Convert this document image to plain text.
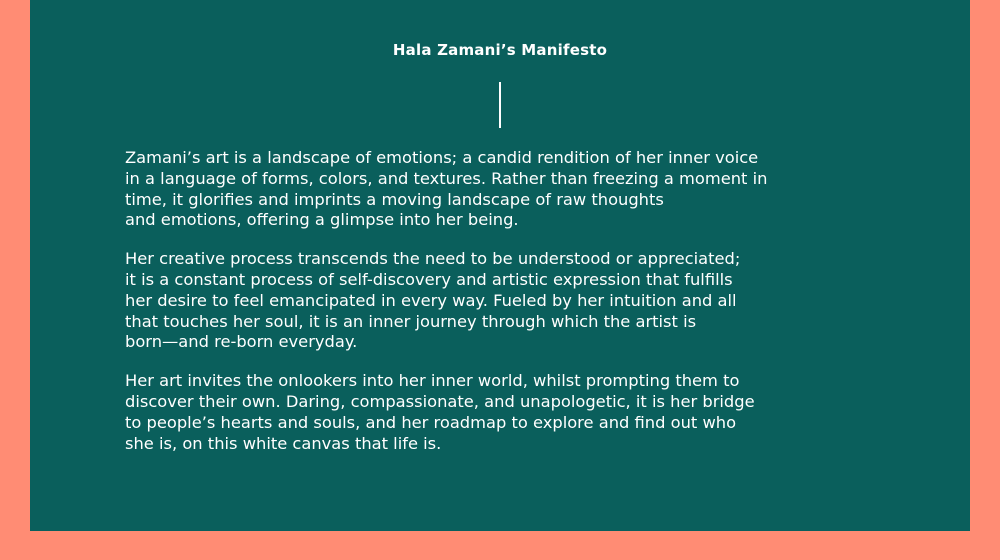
Hala Zamani’s Manifesto

Zamani’s art is a landscape of emotions; a candid rendition of her inner voice
in a language of forms, colors, and textures. Rather than freezing a moment in
time, it glorifies and imprints a moving landscape of raw thoughts
and emotions, offering a glimpse into her being.

Her creative process transcends the need to be understood or appreciated;
it is a constant process of self-discovery and artistic expression that fulfills
her desire to feel emancipated in every way. Fueled by her intuition and all
that touches her soul, it is an inner journey through which the artist is
born—and re-born everyday.

Her art invites the onlookers into her inner world, whilst prompting them to
discover their own. Daring, compassionate, and unapologetic, it is her bridge
to people’s hearts and souls, and her roadmap to explore and find out who
she is, on this white canvas that life is.
